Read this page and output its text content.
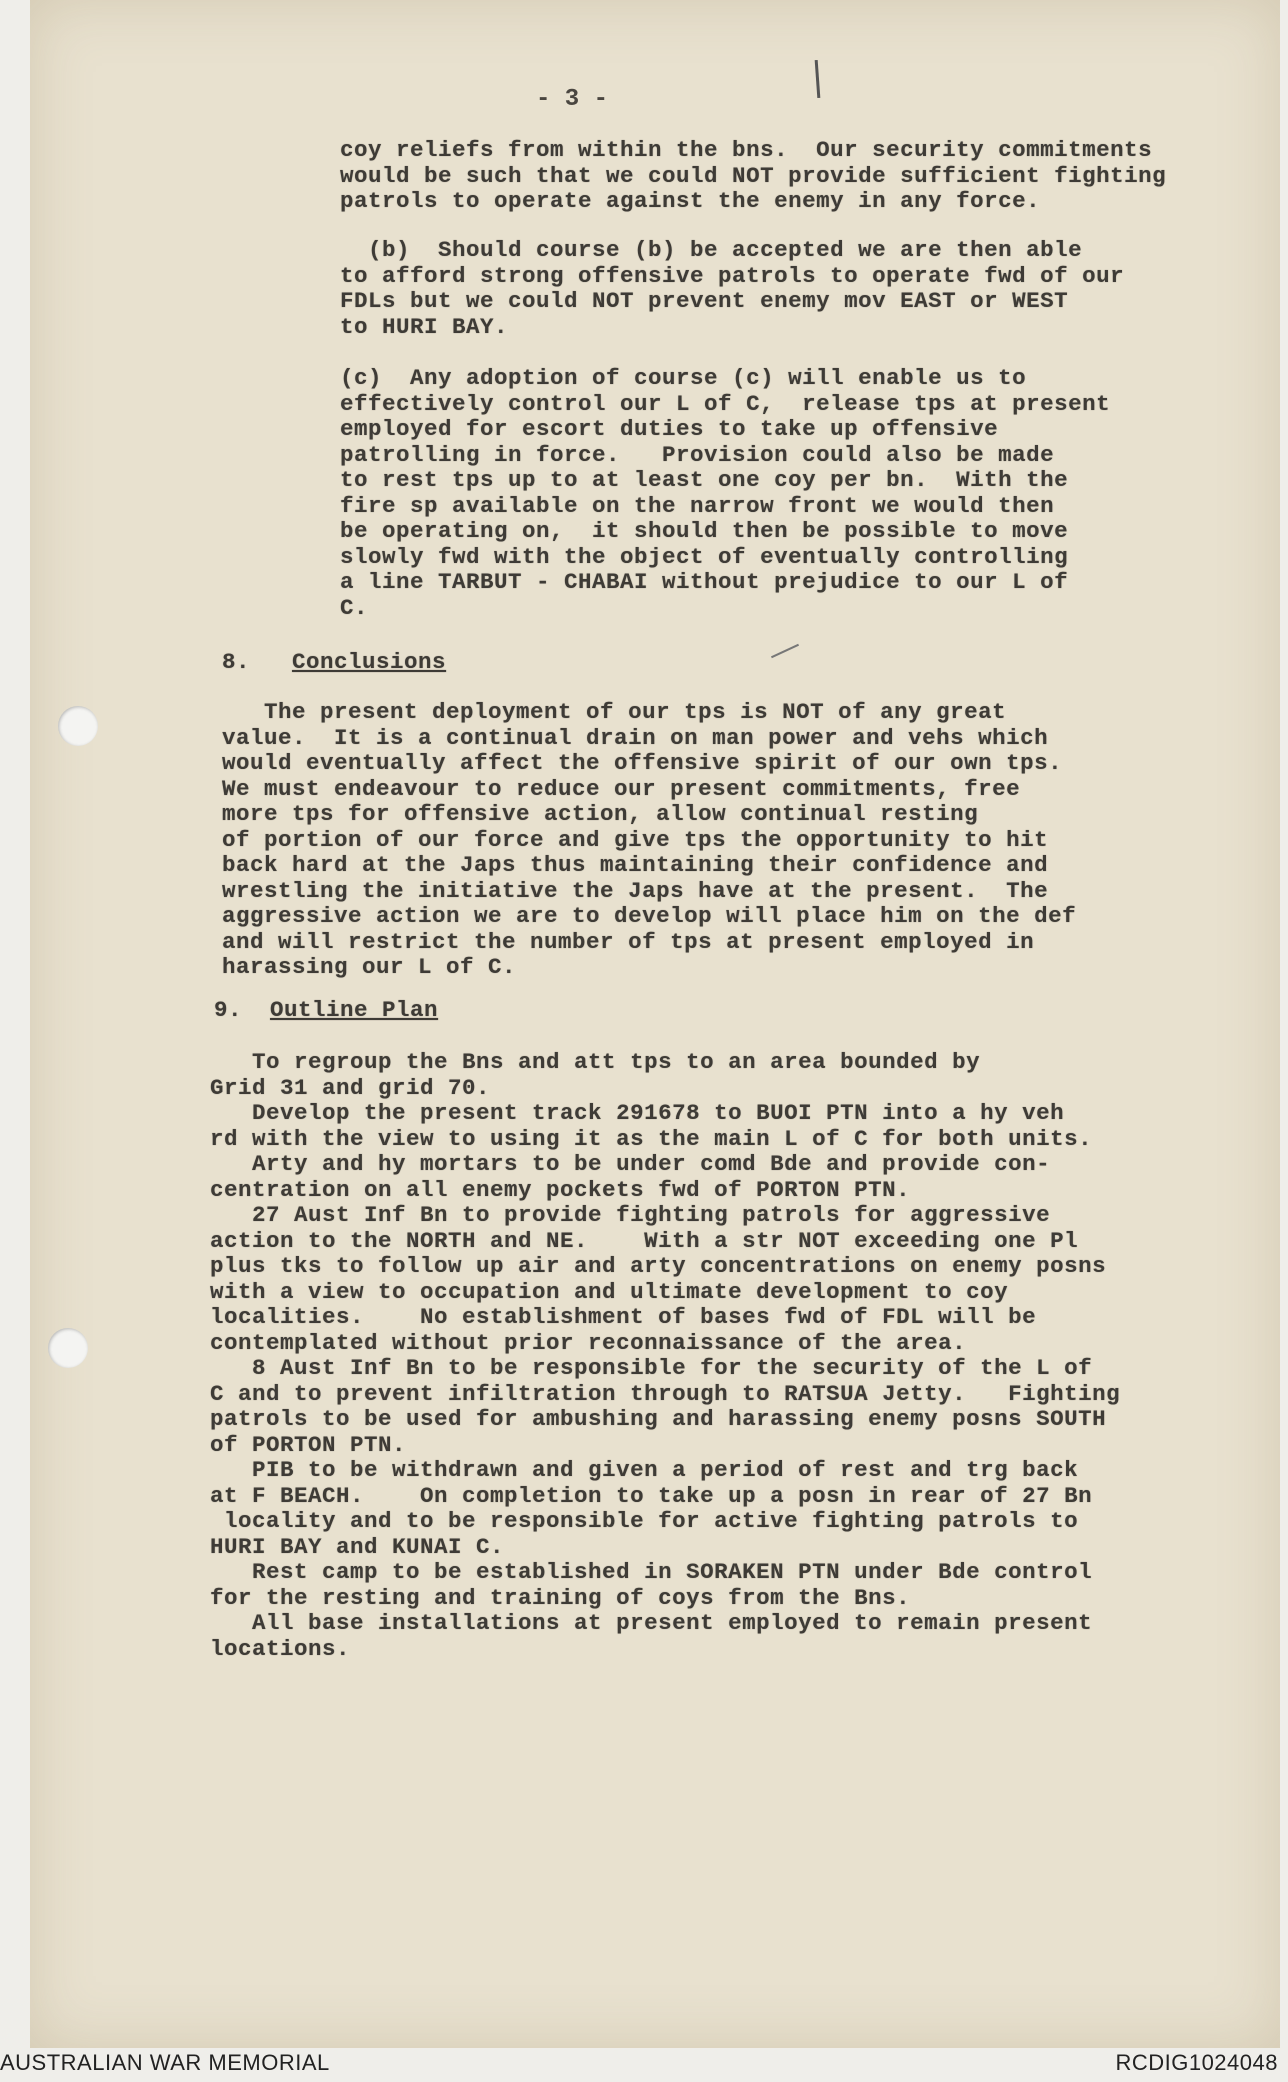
- 3 -
coy reliefs from within the bns.  Our security commitments
would be such that we could NOT provide sufficient fighting
patrols to operate against the enemy in any force.
(b)  Should course (b) be accepted we are then able
to afford strong offensive patrols to operate fwd of our
FDLs but we could NOT prevent enemy mov EAST or WEST
to HURI BAY.
(c)  Any adoption of course (c) will enable us to
effectively control our L of C,  release tps at present
employed for escort duties to take up offensive
patrolling in force.   Provision could also be made
to rest tps up to at least one coy per bn.  With the
fire sp available on the narrow front we would then
be operating on,  it should then be possible to move
slowly fwd with the object of eventually controlling
a line TARBUT - CHABAI without prejudice to our L of
C.
8. Conclusions
The present deployment of our tps is NOT of any great
value.  It is a continual drain on man power and vehs which
would eventually affect the offensive spirit of our own tps.
We must endeavour to reduce our present commitments, free
more tps for offensive action, allow continual resting
of portion of our force and give tps the opportunity to hit
back hard at the Japs thus maintaining their confidence and
wrestling the initiative the Japs have at the present.  The
aggressive action we are to develop will place him on the def
and will restrict the number of tps at present employed in
harassing our L of C.
9. Outline Plan
To regroup the Bns and att tps to an area bounded by
Grid 31 and grid 70.
Develop the present track 291678 to BUOI PTN into a hy veh
rd with the view to using it as the main L of C for both units.
Arty and hy mortars to be under comd Bde and provide con-
centration on all enemy pockets fwd of PORTON PTN.
27 Aust Inf Bn to provide fighting patrols for aggressive
action to the NORTH and NE.    With a str NOT exceeding one Pl
plus tks to follow up air and arty concentrations on enemy posns
with a view to occupation and ultimate development to coy
localities.    No establishment of bases fwd of FDL will be
contemplated without prior reconnaissance of the area.
8 Aust Inf Bn to be responsible for the security of the L of
C and to prevent infiltration through to RATSUA Jetty.   Fighting
patrols to be used for ambushing and harassing enemy posns SOUTH
of PORTON PTN.
PIB to be withdrawn and given a period of rest and trg back
at F BEACH.    On completion to take up a posn in rear of 27 Bn
locality and to be responsible for active fighting patrols to
HURI BAY and KUNAI C.
Rest camp to be established in SORAKEN PTN under Bde control
for the resting and training of coys from the Bns.
All base installations at present employed to remain present
locations.
AUSTRALIAN WAR MEMORIAL	RCDIG1024048
